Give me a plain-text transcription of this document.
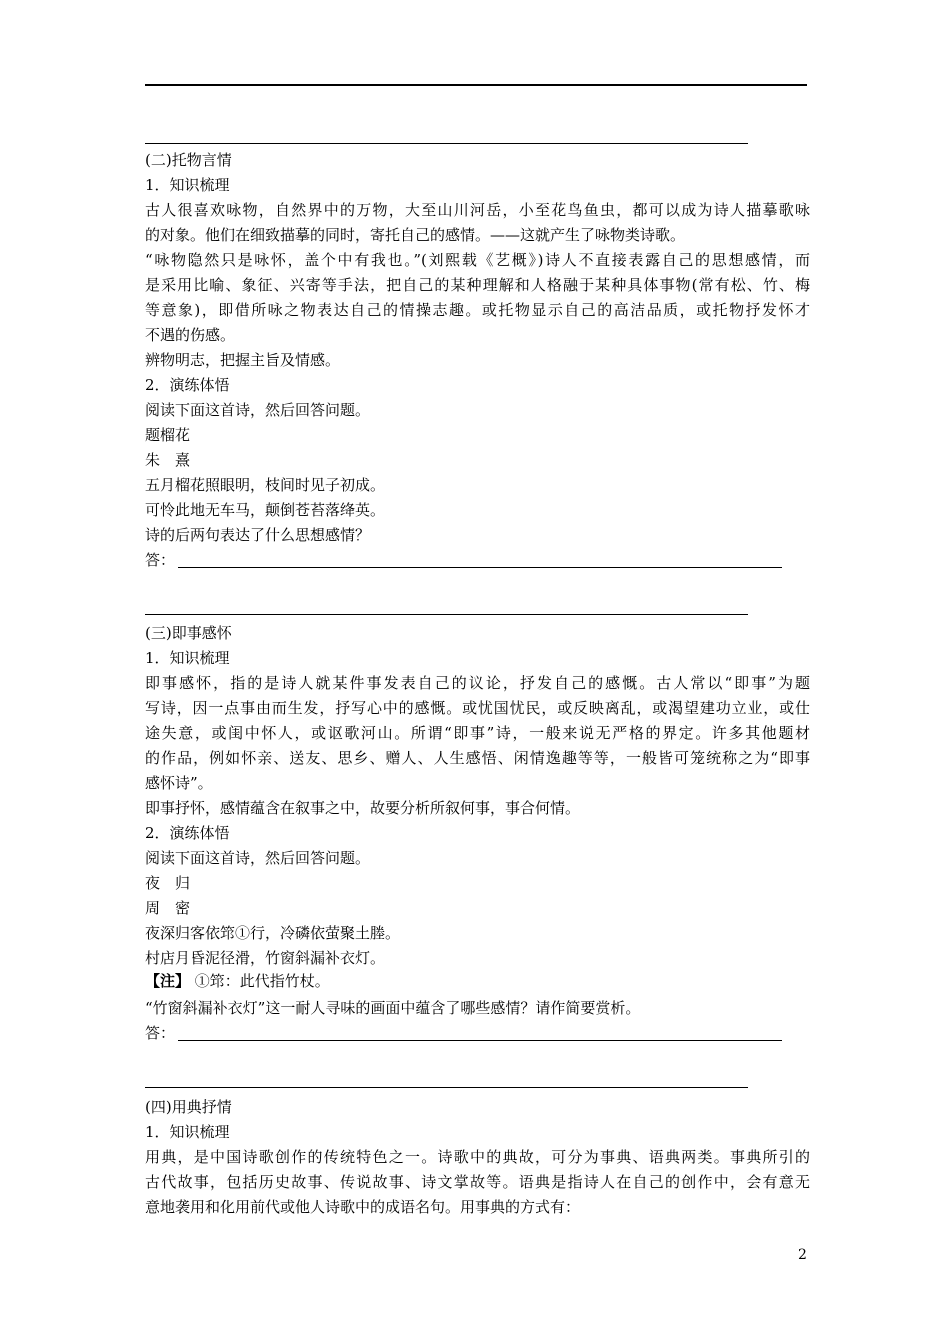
(二)托物言情
1．知识梳理
古人很喜欢咏物，自然界中的万物，大至山川河岳，小至花鸟鱼虫，都可以成为诗人描摹歌咏
的对象。他们在细致描摹的同时，寄托自己的感情。——这就产生了咏物类诗歌。
“咏物隐然只是咏怀，盖个中有我也。”(刘熙载《艺概》)诗人不直接表露自己的思想感情，而
是采用比喻、象征、兴寄等手法，把自己的某种理解和人格融于某种具体事物(常有松、竹、梅
等意象)，即借所咏之物表达自己的情操志趣。或托物显示自己的高洁品质，或托物抒发怀才
不遇的伤感。
辨物明志，把握主旨及情感。
2．演练体悟
阅读下面这首诗，然后回答问题。
题榴花
朱　熹
五月榴花照眼明，枝间时见子初成。
可怜此地无车马，颠倒苍苔落绛英。
诗的后两句表达了什么思想感情？
答：
(三)即事感怀
1．知识梳理
即事感怀，指的是诗人就某件事发表自己的议论，抒发自己的感慨。古人常以“即事”为题
写诗，因一点事由而生发，抒写心中的感慨。或忧国忧民，或反映离乱，或渴望建功立业，或仕
途失意，或闺中怀人，或讴歌河山。所谓“即事”诗，一般来说无严格的界定。许多其他题材
的作品，例如怀亲、送友、思乡、赠人、人生感悟、闲情逸趣等等，一般皆可笼统称之为“即事
感怀诗”。
即事抒怀，感情蕴含在叙事之中，故要分析所叙何事，事合何情。
2．演练体悟
阅读下面这首诗，然后回答问题。
夜　归
周　密
夜深归客依筇①行，冷磷依萤聚土塍。
村店月昏泥径滑，竹窗斜漏补衣灯。
【注】 ①筇：此代指竹杖。
“竹窗斜漏补衣灯”这一耐人寻味的画面中蕴含了哪些感情？请作简要赏析。
答：
(四)用典抒情
1．知识梳理
用典，是中国诗歌创作的传统特色之一。诗歌中的典故，可分为事典、语典两类。事典所引的
古代故事，包括历史故事、传说故事、诗文掌故等。语典是指诗人在自己的创作中，会有意无
意地袭用和化用前代或他人诗歌中的成语名句。用事典的方式有：
2
